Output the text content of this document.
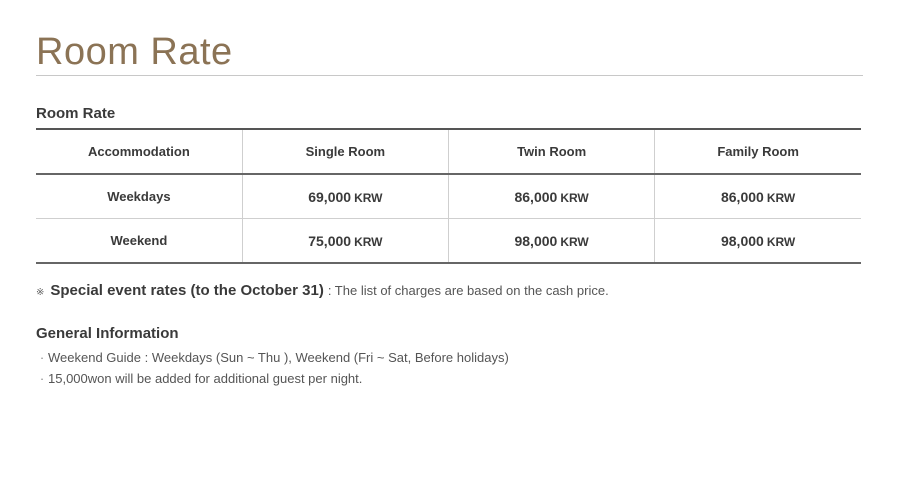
Room Rate
Room Rate
Accommodation	Single Room	Twin Room	Family Room
Weekdays	69,000 KRW	86,000 KRW	86,000 KRW
Weekend	75,000 KRW	98,000 KRW	98,000 KRW
※ Special event rates (to the October 31) : The list of charges are based on the cash price.
General Information
· Weekend Guide : Weekdays (Sun ~ Thu ), Weekend (Fri ~ Sat, Before holidays)
· 15,000won will be added for additional guest per night.
